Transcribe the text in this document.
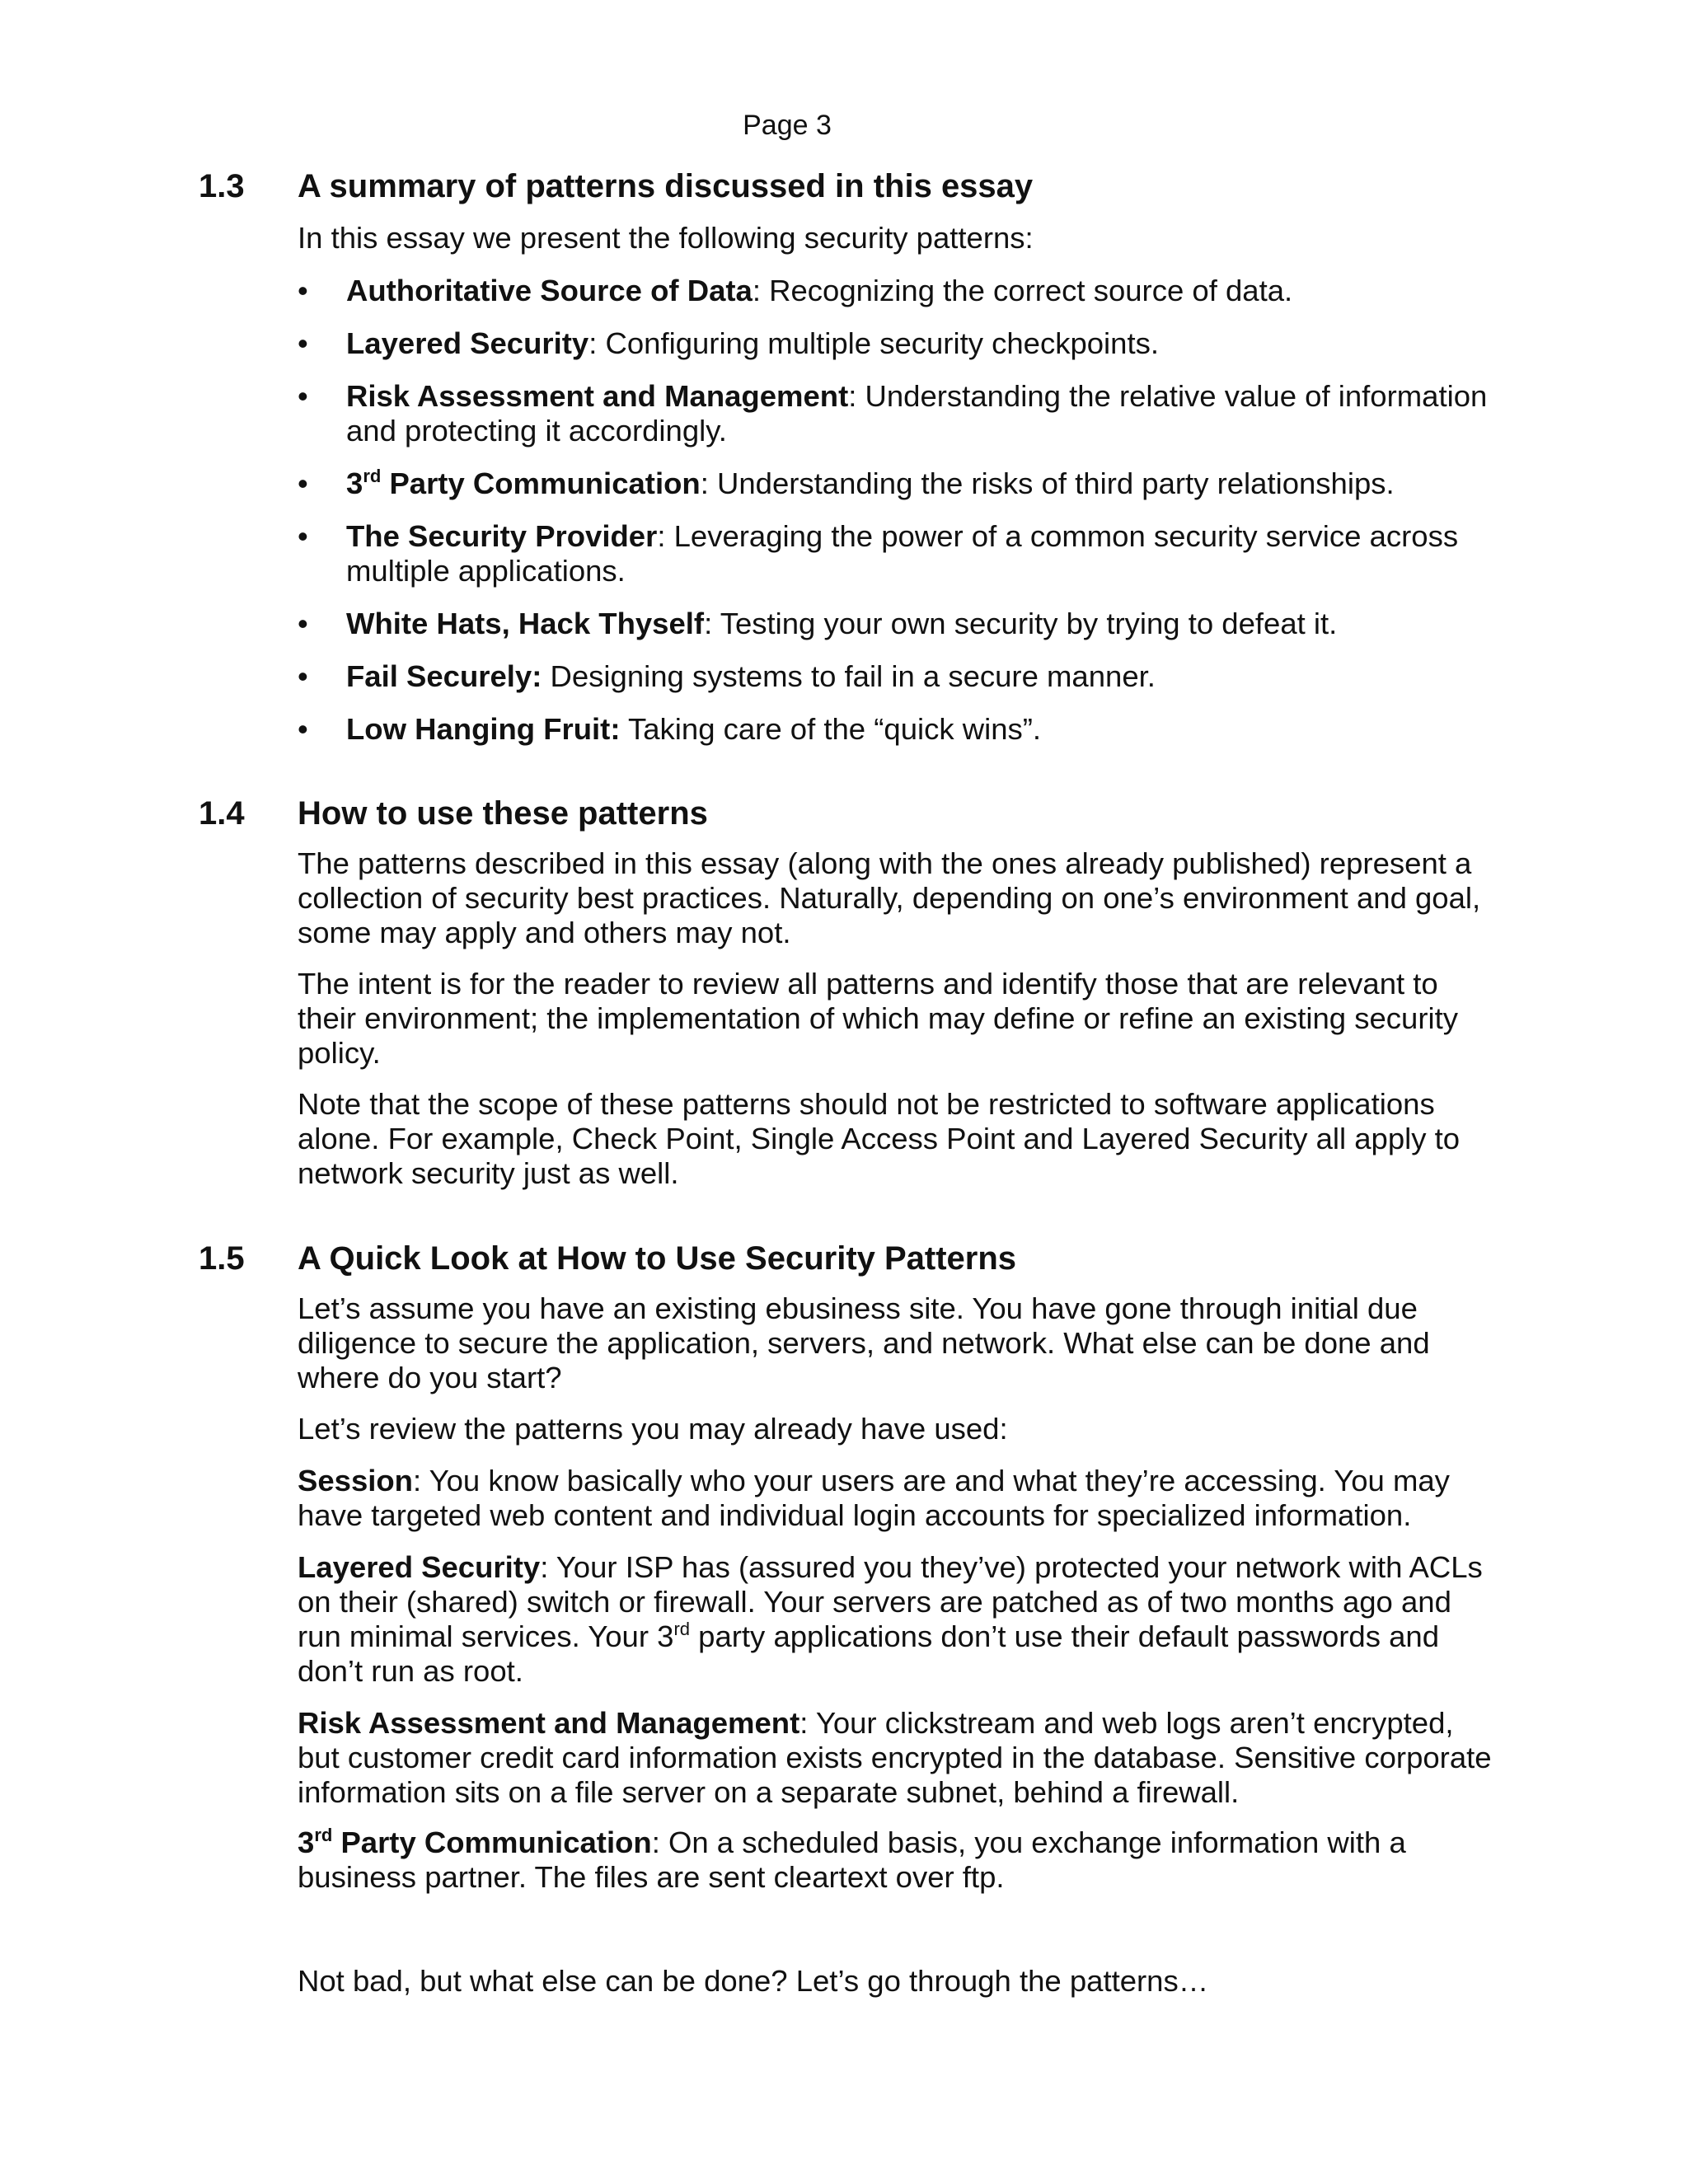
Page 3
1.3 A summary of patterns discussed in this essay
In this essay we present the following security patterns:
•	Authoritative Source of Data: Recognizing the correct source of data.
•	Layered Security: Configuring multiple security checkpoints.
•	Risk Assessment and Management: Understanding the relative value of information and protecting it accordingly.
•	3rd Party Communication: Understanding the risks of third party relationships.
•	The Security Provider: Leveraging the power of a common security service across multiple applications.
•	White Hats, Hack Thyself: Testing your own security by trying to defeat it.
•	Fail Securely: Designing systems to fail in a secure manner.
•	Low Hanging Fruit: Taking care of the “quick wins”.
1.4 How to use these patterns
The patterns described in this essay (along with the ones already published) represent a collection of security best practices. Naturally, depending on one’s environment and goal, some may apply and others may not.
The intent is for the reader to review all patterns and identify those that are relevant to their environment; the implementation of which may define or refine an existing security policy.
Note that the scope of these patterns should not be restricted to software applications alone. For example, Check Point, Single Access Point and Layered Security all apply to network security just as well.
1.5 A Quick Look at How to Use Security Patterns
Let’s assume you have an existing ebusiness site. You have gone through initial due diligence to secure the application, servers, and network. What else can be done and where do you start?
Let’s review the patterns you may already have used:
Session: You know basically who your users are and what they’re accessing. You may have targeted web content and individual login accounts for specialized information.
Layered Security: Your ISP has (assured you they’ve) protected your network with ACLs on their (shared) switch or firewall. Your servers are patched as of two months ago and run minimal services. Your 3rd party applications don’t use their default passwords and don’t run as root.
Risk Assessment and Management: Your clickstream and web logs aren’t encrypted, but customer credit card information exists encrypted in the database. Sensitive corporate information sits on a file server on a separate subnet, behind a firewall.
3rd Party Communication: On a scheduled basis, you exchange information with a business partner. The files are sent cleartext over ftp.
Not bad, but what else can be done? Let’s go through the patterns…
